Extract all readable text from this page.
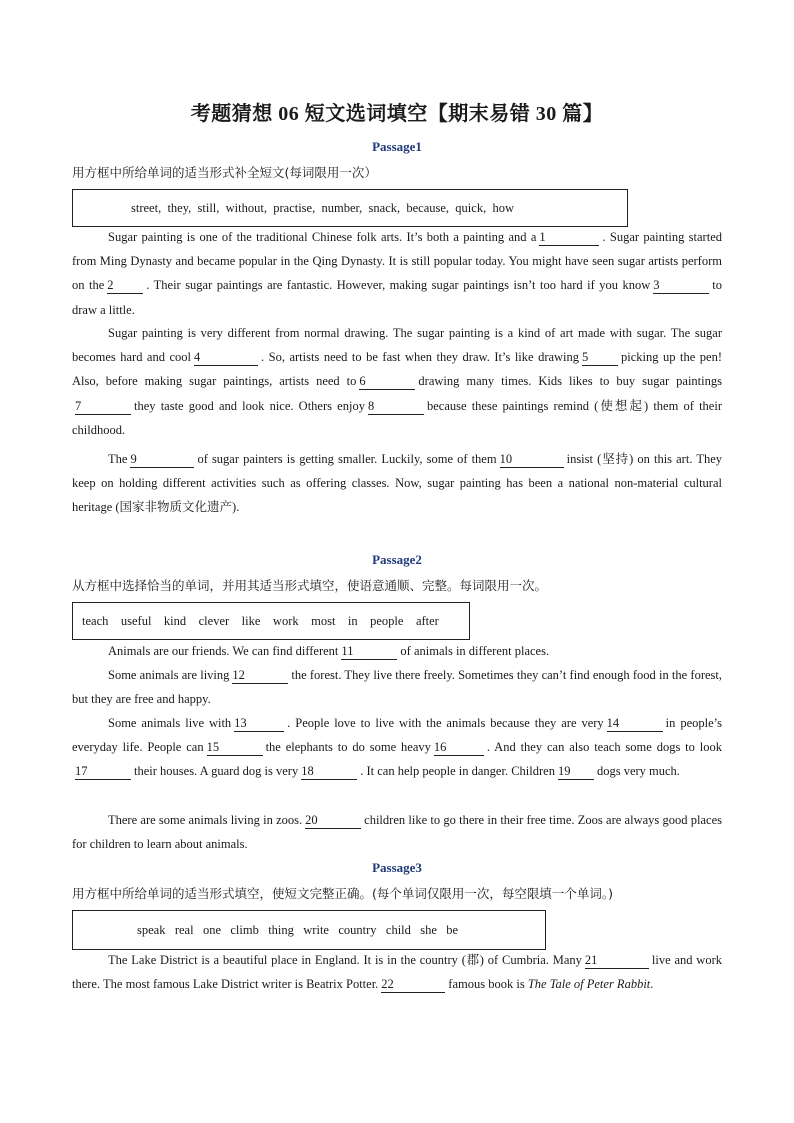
考题猜想 06 短文选词填空【期末易错 30 篇】
Passage1
用方框中所给单词的适当形式补全短文(每词限用一次）
street,  they,  still,  without,  practise,  number,  snack,  because,  quick,  how
Sugar painting is one of the traditional Chinese folk arts. It’s both a painting and a 1	. Sugar painting started from Ming Dynasty and became popular in the Qing Dynasty. It is still popular today. You might have seen sugar artists perform on the 2	. Their sugar paintings are fantastic. However, making sugar paintings isn’t too hard if you know 3	to draw a little.
Sugar painting is very different from normal drawing. The sugar painting is a kind of art made with sugar. The sugar becomes hard and cool 4	. So, artists need to be fast when they draw. It’s like drawing 5	picking up the pen! Also, before making sugar paintings, artists need to 6	drawing many times. Kids likes to buy sugar paintings7	they taste good and look nice. Others enjoy 8	because these paintings remind (使想起) them of their childhood.
The 9	of sugar painters is getting smaller. Luckily, some of them 10	insist (坚持) on this art. They keep on holding different activities such as offering classes. Now, sugar painting has been a national non-material cultural heritage (国家非物质文化遗产).
Passage2
从方框中选择恰当的单词，并用其适当形式填空，使语意通顺、完整。每词限用一次。
teach    useful    kind    clever    like    work    most    in    people    after
Animals are our friends. We can find different 11	of animals in different places.
Some animals are living 12	the forest. They live there freely. Sometimes they can’t find enough food in the forest, but they are free and happy.
Some animals live with 13	. People love to live with the animals because they are very 14	in people’s everyday life. People can 15	the elephants to do some heavy 16	. And they can also teach some dogs to look17	their houses. A guard dog is very 18	. It can help people in danger. Children 19 dogs very much.
There are some animals living in zoos. 20	children like to go there in their free time. Zoos are always good places for children to learn about animals.
Passage3
用方框中所给单词的适当形式填空，使短文完整正确。(每个单词仅限用一次，每空限填一个单词。)
speak   real   one   climb   thing   write   country   child   she   be
The Lake District is a beautiful place in England. It is in the country (郡) of Cumbria. Many 21	live and work there. The most famous Lake District writer is Beatrix Potter. 22	famous book is The Tale of Peter Rabbit.
